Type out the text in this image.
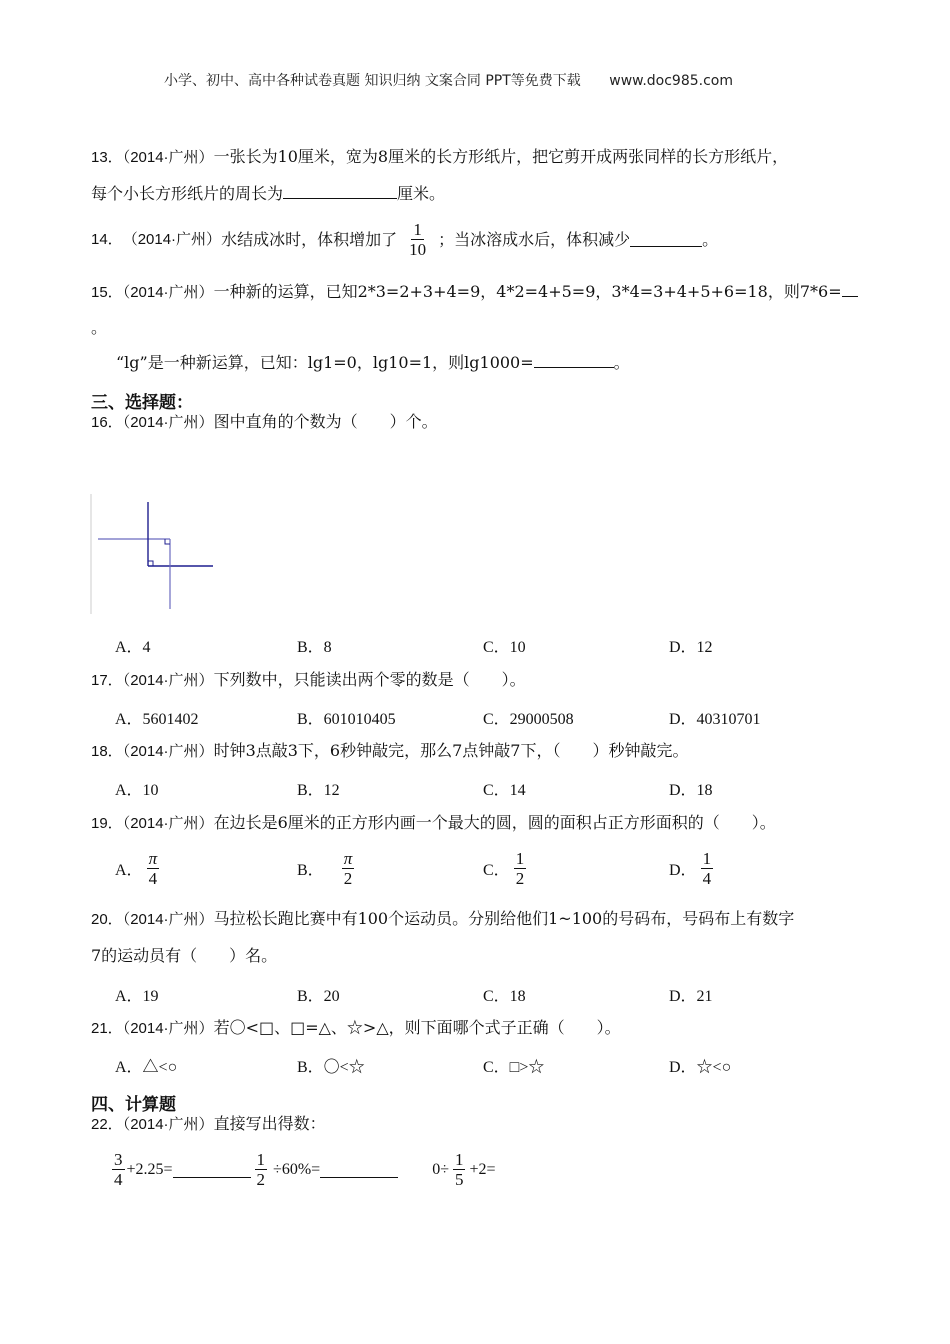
小学、初中、高中各种试卷真题 知识归纳 文案合同 PPT等免费下载 www.doc985.com
13．（2014·广州）一张长为10厘米，宽为8厘米的长方形纸片，把它剪开成两张同样的长方形纸片，
每个小长方形纸片的周长为	厘米。
14． （2014·广州） 水结成冰时，体积增加了 $\frac{1}{10}$ ；当冰溶成水后，体积减少	。
15．（2014·广州）一种新的运算，已知2*3=2+3+4=9，4*2=4+5=9，3*4=3+4+5+6=18，则7*6=
。
“lg”是一种新运算，已知：lg1=0，lg10=1，则lg1000=	。
三、选择题：
16．（2014·广州）图中直角的个数为（　　）个。
A．4	B．8	C．10	D．12
17．（2014·广州）下列数中，只能读出两个零的数是（　　）。
A．5601402	B．601010405	C．29000508	D．40310701
18．（2014·广州）时钟3点敲3下，6秒钟敲完，那么7点钟敲7下，（　　）秒钟敲完。
A．10	B．12	C．14	D．18
19．（2014·广州）在边长是6厘米的正方形内画一个最大的圆，圆的面积占正方形面积的（　　）。
A． $\frac{\pi}{4}$	B． $\frac{\pi}{2}$	C． $\frac{1}{2}$	D． $\frac{1}{4}$
20．（2014·广州）马拉松长跑比赛中有100个运动员。分别给他们1~100的号码布，号码布上有数字
7的运动员有（　　）名。
A．19	B．20	C．18	D．21
21．（2014·广州）若〇<□、□=△、☆>△，则下面哪个式子正确（　　）。
A．△<○	B．〇<☆	C．□>☆	D．☆<○
四、计算题
22．（2014·广州）直接写出得数：
$\frac{3}{4} +2.25=$	$\frac{1}{2} \div 60\%=$	$0\div \frac{1}{5} +2=$
